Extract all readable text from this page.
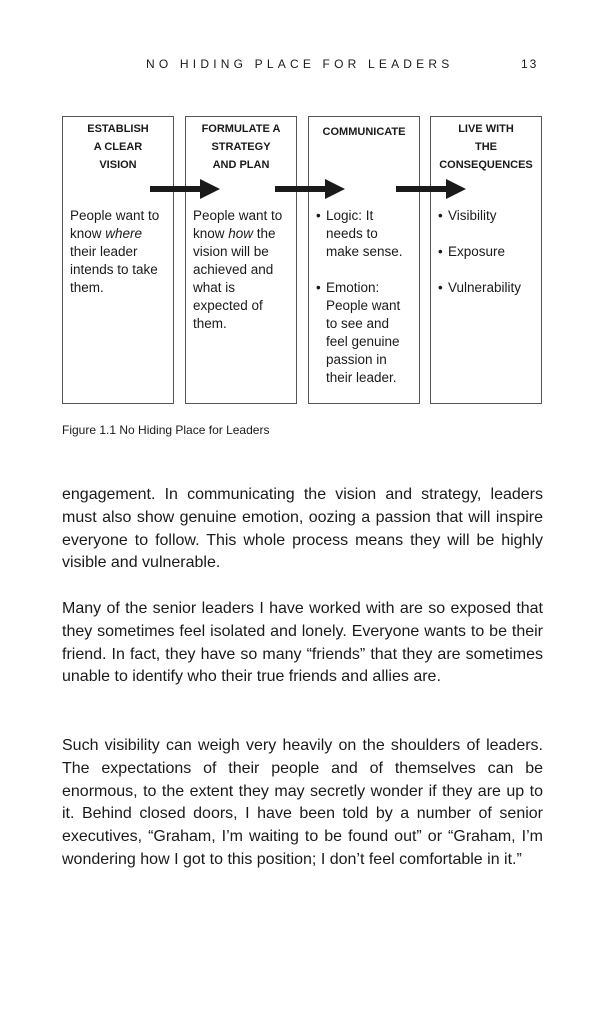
NO HIDING PLACE FOR LEADERS	13
ESTABLISH
A CLEAR
VISION

People want to know where their leader intends to take them.

FORMULATE A
STRATEGY
AND PLAN

People want to know how the vision will be achieved and what is expected of them.

COMMUNICATE
• Logic: It needs to make sense.
• Emotion: People want to see and feel genuine passion in their leader.
LIVE WITH
THE
CONSEQUENCES
• Visibility
• Exposure
• Vulnerability
Figure 1.1 No Hiding Place for Leaders

engagement. In communicating the vision and strategy, leaders must also show genuine emotion, oozing a passion that will inspire everyone to follow. This whole process means they will be highly visible and vulnerable.

Many of the senior leaders I have worked with are so exposed that they sometimes feel isolated and lonely. Everyone wants to be their friend. In fact, they have so many “friends” that they are sometimes unable to identify who their true friends and allies are.

Such visibility can weigh very heavily on the shoulders of leaders. The expectations of their people and of themselves can be enormous, to the extent they may secretly wonder if they are up to it. Behind closed doors, I have been told by a number of senior executives, “Graham, I’m waiting to be found out” or “Graham, I’m wondering how I got to this position; I don’t feel comfortable in it.”
